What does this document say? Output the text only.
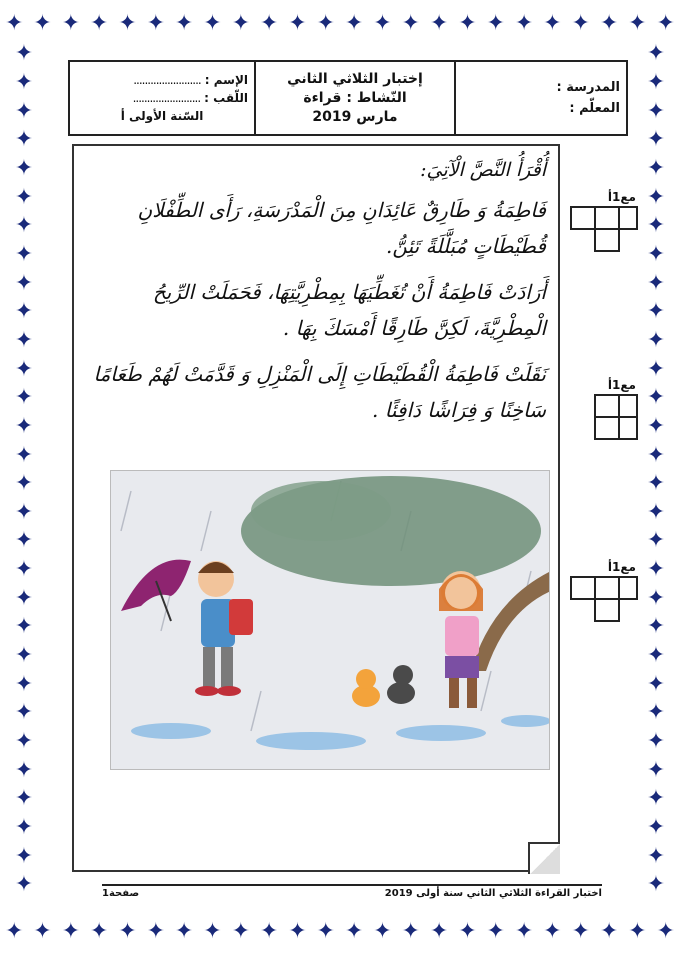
✦ ✦ ✦ ✦ ✦ ✦ ✦ ✦ ✦ ✦ ✦ ✦ ✦ ✦ ✦ ✦ ✦ ✦ ✦ ✦ ✦ ✦ ✦ ✦
✦ ✦ ✦ ✦ ✦ ✦ ✦ ✦ ✦ ✦ ✦ ✦ ✦ ✦ ✦ ✦ ✦ ✦ ✦ ✦ ✦ ✦ ✦ ✦
✦
✦
✦
✦
✦
✦
✦
✦
✦
✦
✦
✦
✦
✦
✦
✦
✦
✦
✦
✦
✦
✦
✦
✦
✦
✦
✦
✦
✦
✦
✦
✦
✦
✦
✦
✦
✦
✦
✦
✦
✦
✦
✦
✦
✦
✦
✦
✦
✦
✦
✦
✦
✦
✦
✦
✦
✦
✦
✦
✦
المدرسة :
المعلّم :
إختبار الثلاثي الثاني
النّشاط : قراءة
مارس 2019
الإسم :
........................
اللّقب :
........................
السّنة الأولى أ

أُقْرَأُ النَّصَّ الْآتِيَ:

فَاطِمَةُ وَ طَارِقٌ عَائِدَانِ مِنَ الْمَدْرَسَةِ، رَأَى الطِّفْلَانِ قُطَيْطَاتٍ مُبَلَّلَةً تَئِنُّ.

أَرَادَتْ فَاطِمَةُ أَنْ تُغَطِّيَهَا بِمِطْرِيَّتِهَا، فَحَمَلَتْ الرِّيحُ الْمِطْرِيَّةَ، لَكِنَّ طَارِقًا أَمْسَكَ بِهَا .

نَقَلَتْ فَاطِمَةُ الْقُطَيْطَاتِ إِلَى الْمَنْزِلِ وَ قَدَّمَتْ لَهُمْ طَعَامًا سَاخِنًا وَ فِرَاشًا دَافِئًا .

مع1أ
مع1أ
مع1أ
صفحة1	اختبار القراءة الثلاثي الثاني سنة أولى 2019
